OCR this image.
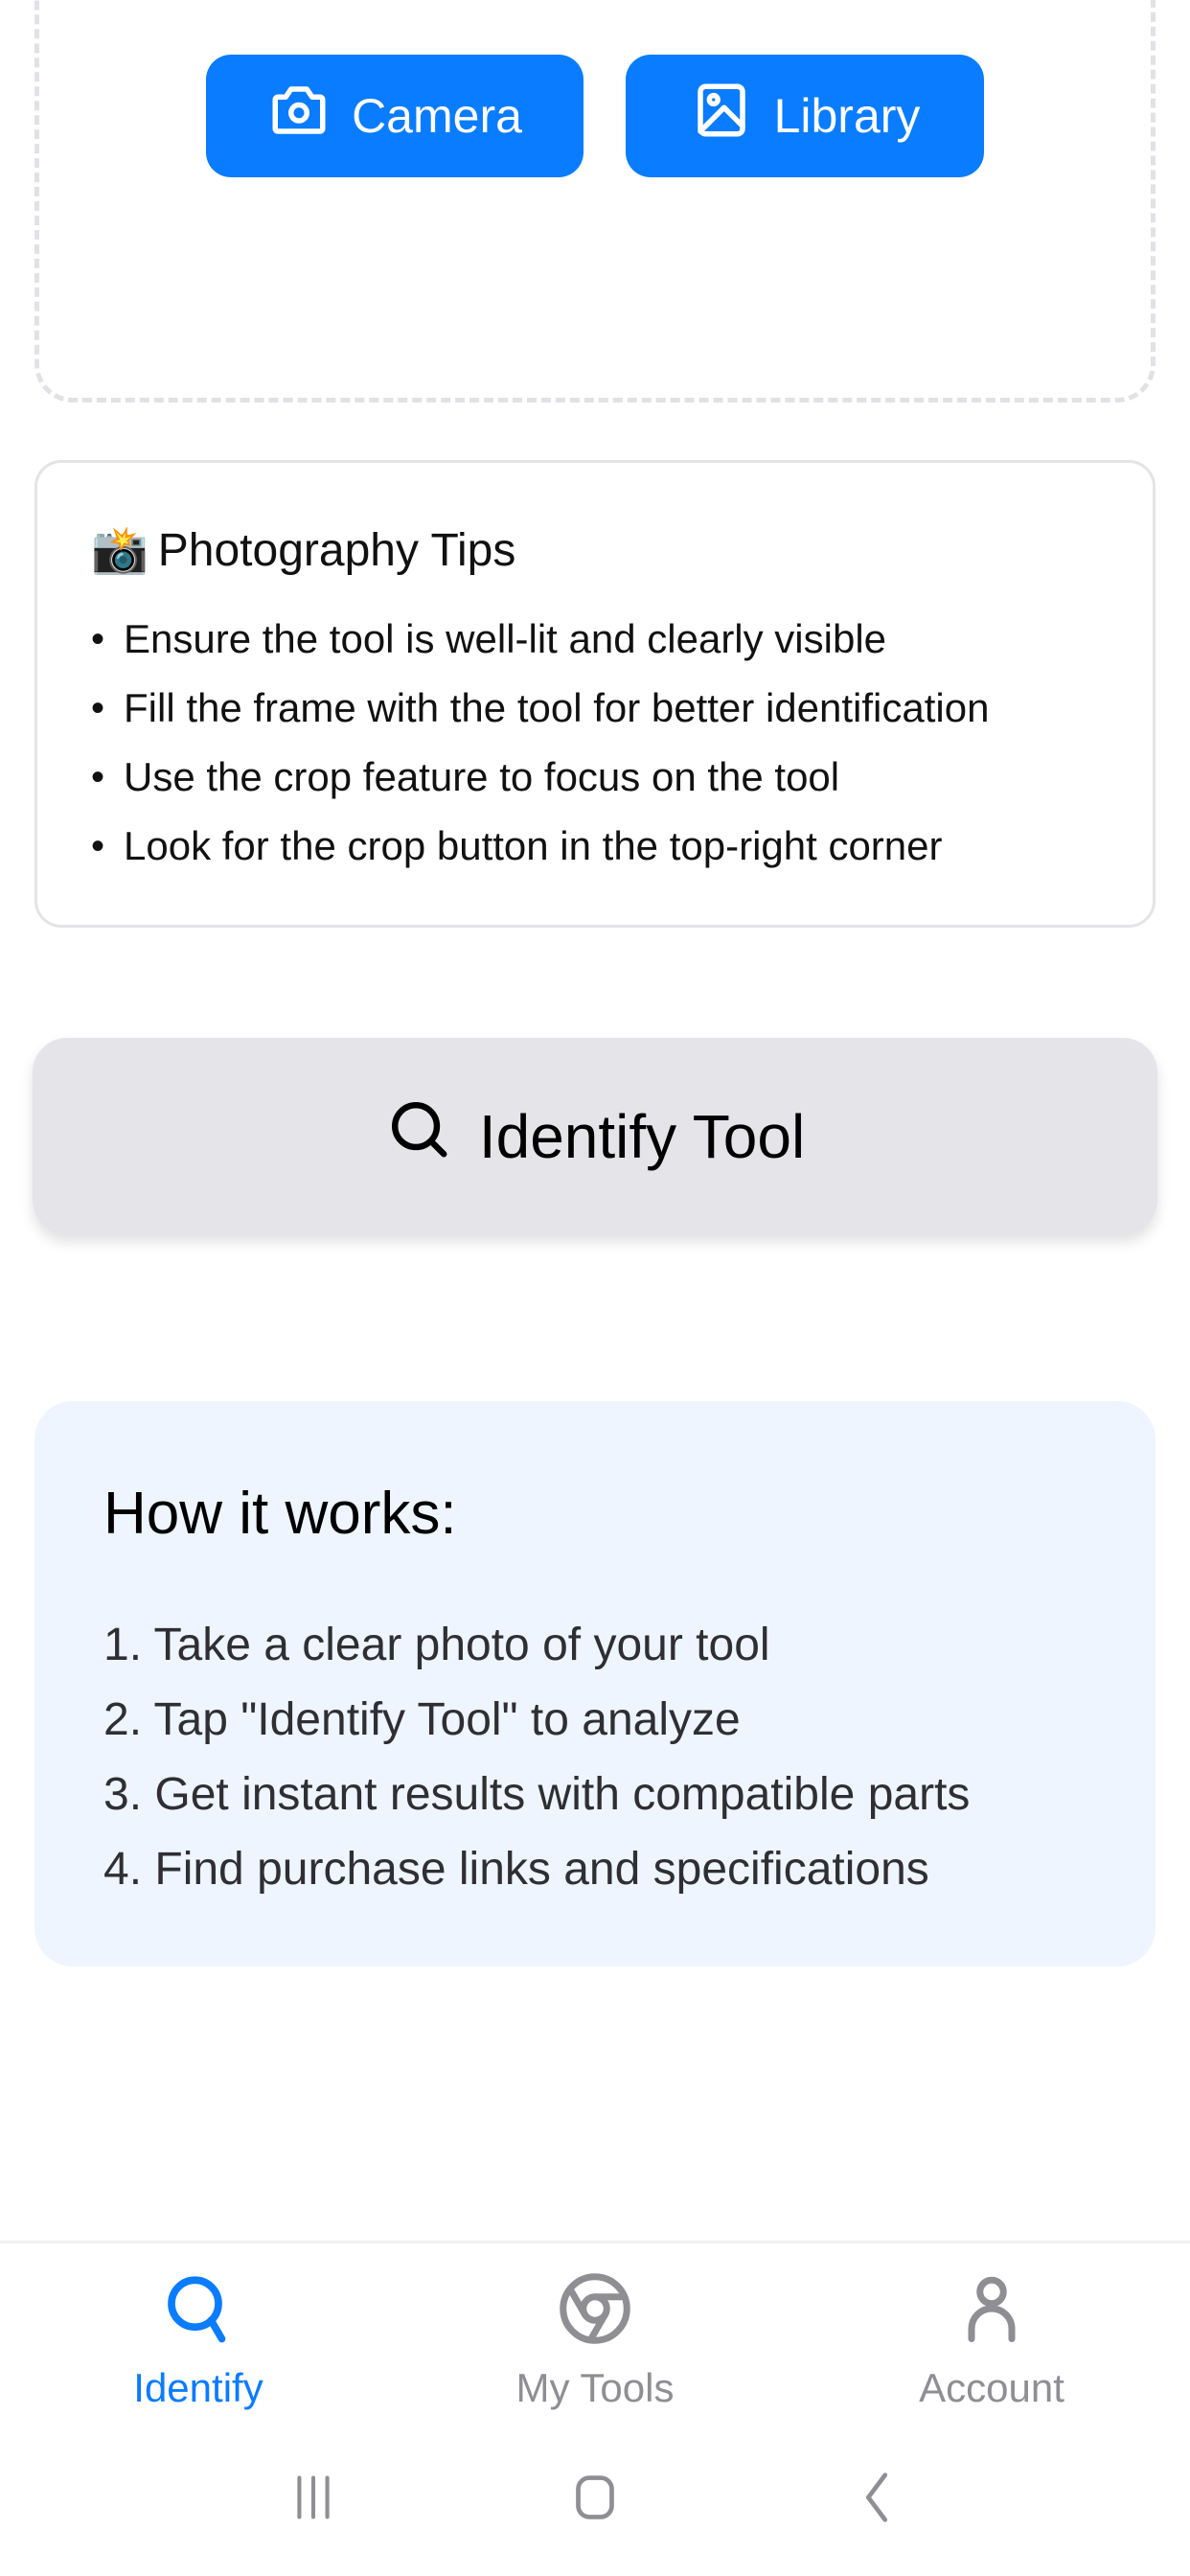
Camera	Library
📸 Photography Tips
• Ensure the tool is well-lit and clearly visible
• Fill the frame with the tool for better identification
• Use the crop feature to focus on the tool
• Look for the crop button in the top-right corner
Identify Tool
How it works:
1. Take a clear photo of your tool
2. Tap "Identify Tool" to analyze
3. Get instant results with compatible parts
4. Find purchase links and specifications
Identify	My Tools	Account
